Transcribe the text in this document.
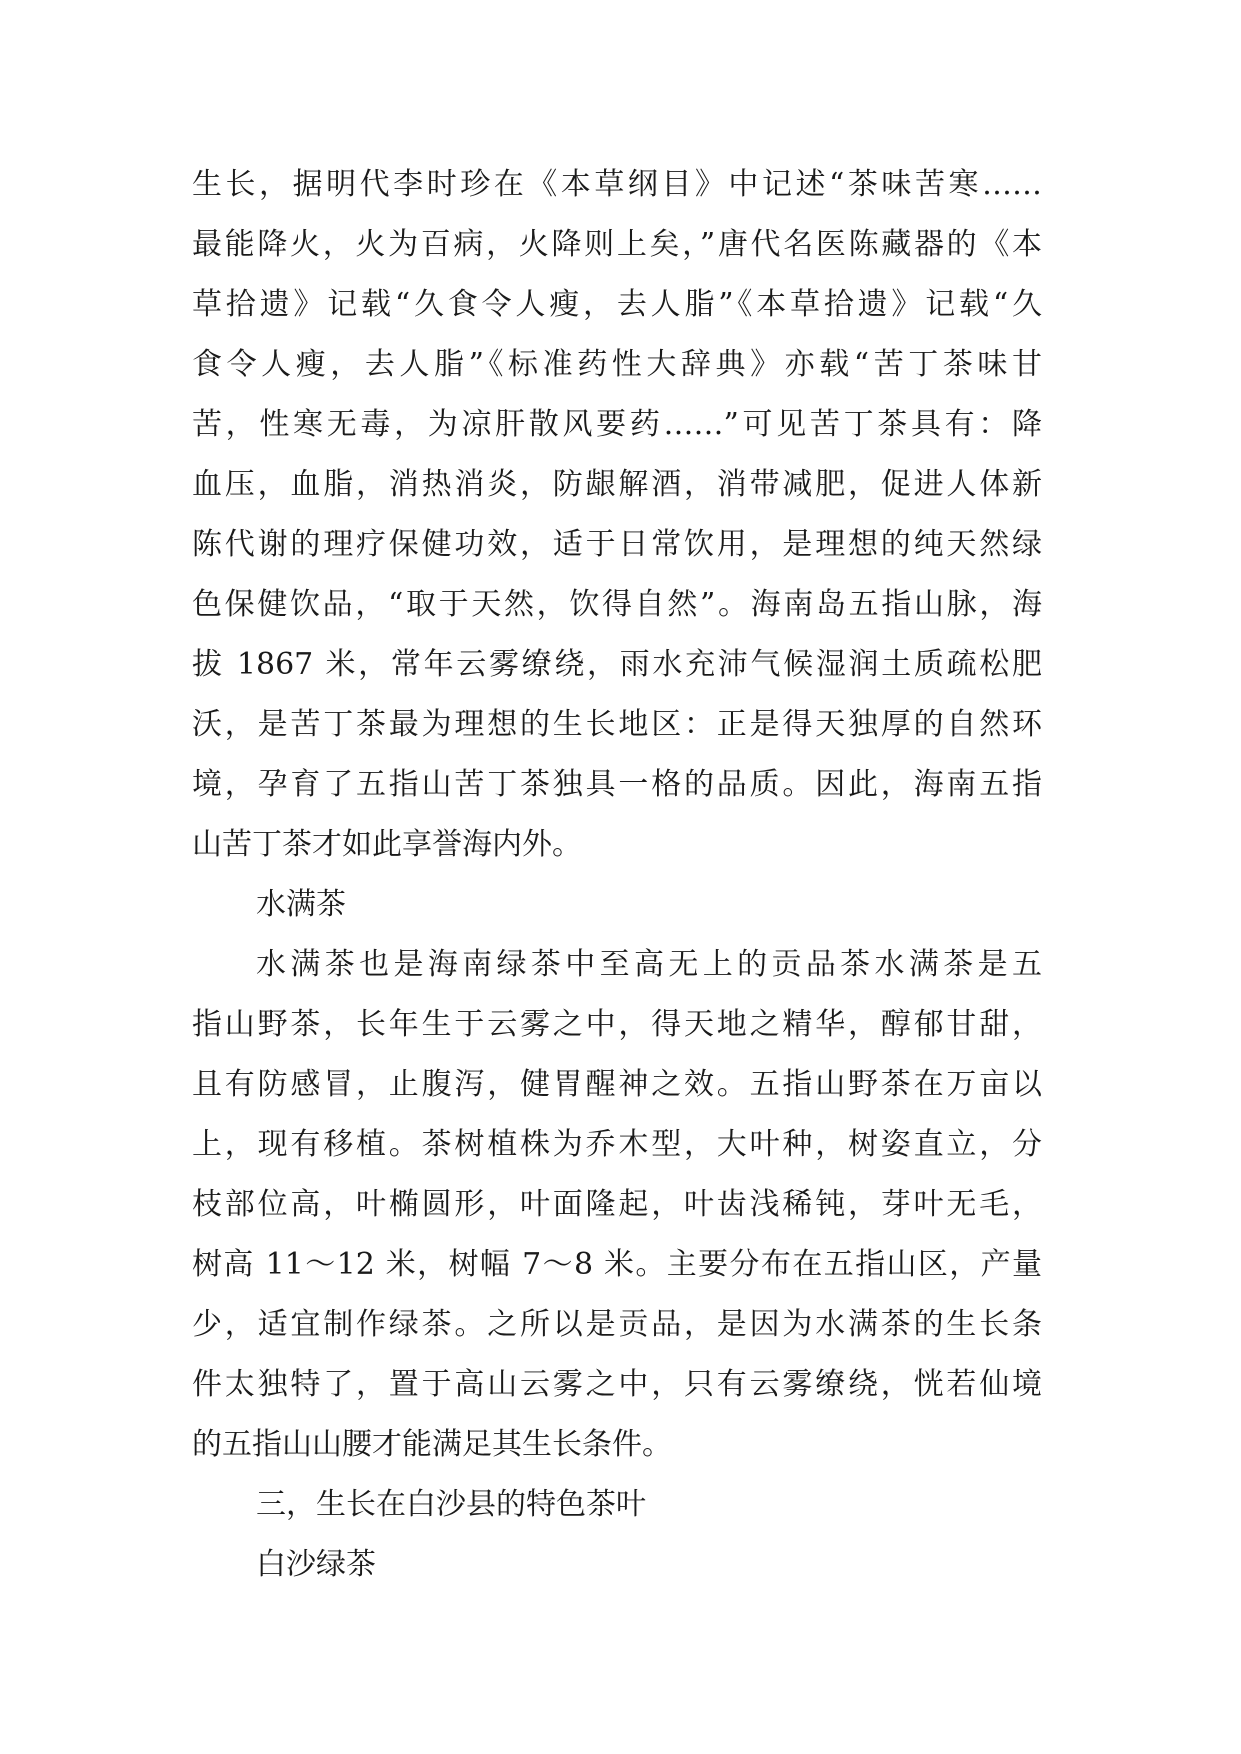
生长，据明代李时珍在《本草纲目》中记述“茶味苦寒……
最能降火，火为百病，火降则上矣，”唐代名医陈藏器的《本
草拾遗》记载“久食令人瘦，去人脂”《本草拾遗》记载“久
食令人瘦，去人脂”《标准药性大辞典》亦载“苦丁茶味甘
苦，性寒无毒，为凉肝散风要药……”可见苦丁茶具有：降
血压，血脂，消热消炎，防龈解酒，消带减肥，促进人体新
陈代谢的理疗保健功效，适于日常饮用，是理想的纯天然绿
色保健饮品，“取于天然，饮得自然”。海南岛五指山脉，海
拔 1867 米，常年云雾缭绕，雨水充沛气候湿润土质疏松肥
沃，是苦丁茶最为理想的生长地区：正是得天独厚的自然环
境，孕育了五指山苦丁茶独具一格的品质。因此，海南五指
山苦丁茶才如此享誉海内外。
水满茶
水满茶也是海南绿茶中至高无上的贡品茶水满茶是五
指山野茶，长年生于云雾之中，得天地之精华，醇郁甘甜，
且有防感冒，止腹泻，健胃醒神之效。五指山野茶在万亩以
上，现有移植。茶树植株为乔木型，大叶种，树姿直立，分
枝部位高，叶椭圆形，叶面隆起，叶齿浅稀钝，芽叶无毛，
树高 11～12 米，树幅 7～8 米。主要分布在五指山区，产量
少，适宜制作绿茶。之所以是贡品，是因为水满茶的生长条
件太独特了，置于高山云雾之中，只有云雾缭绕，恍若仙境
的五指山山腰才能满足其生长条件。
三，生长在白沙县的特色茶叶
白沙绿茶
